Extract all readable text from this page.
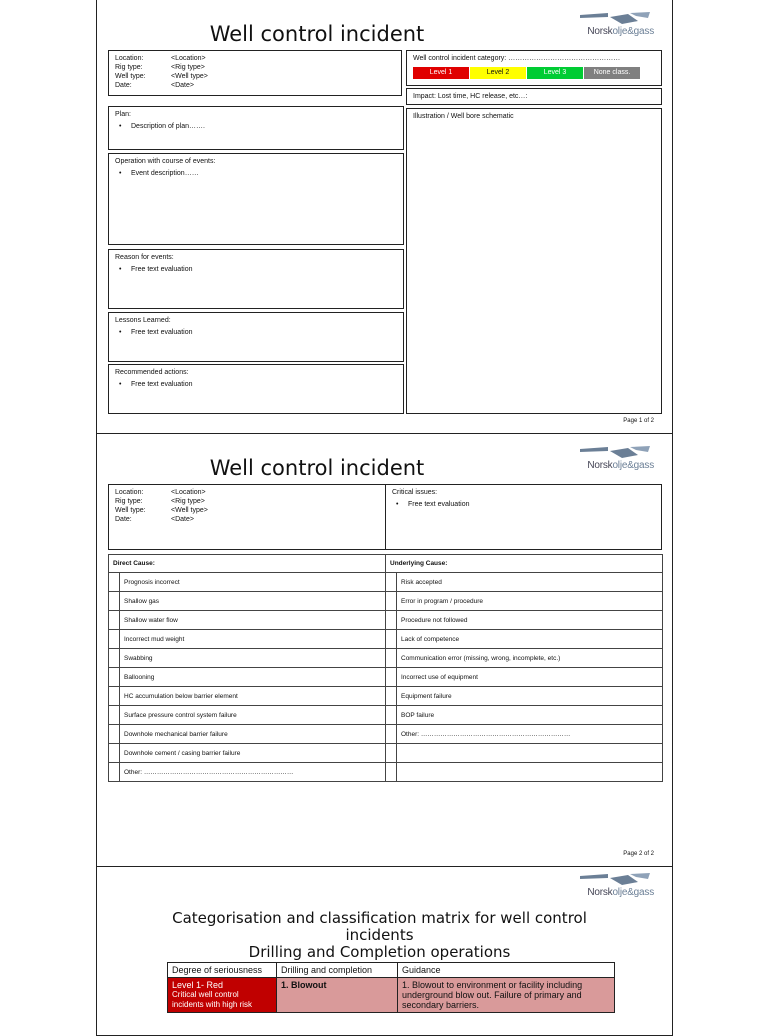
Well control incident	Norskolje&gass
Location:	<Location>
Rig type:	<Rig type>
Well type:	<Well type>
Date:	<Date>
Well control incident category: …………………………………………
Level 1	Level 2	Level 3	None class.
Impact: Lost time, HC release, etc…:
Illustration / Well bore schematic
Plan:
• Description of plan…….
Operation with course of events:
• Event description……
Reason for events:
• Free text evaluation
Lessons Learned:
• Free text evaluation
Recommended actions:
• Free text evaluation
Page 1 of 2
Well control incident	Norskolje&gass
Location:	<Location>
Rig type:	<Rig type>
Well type:	<Well type>
Date:	<Date>
Critical issues:
• Free text evaluation
Direct Cause:		Underlying Cause:	
	Prognosis incorrect		Risk accepted
	Shallow gas		Error in program / procedure
	Shallow water flow		Procedure not followed
	Incorrect mud weight		Lack of competence
	Swabbing		Communication error (missing, wrong, incomplete, etc.)
	Ballooning		Incorrect use of equipment
	HC accumulation below barrier element		Equipment failure
	Surface pressure control system failure		BOP failure
	Downhole mechanical barrier failure		Other: ……………………………………………………………
	Downhole cement / casing barrier failure		
	Other: ……………………………………………………………		
Page 2 of 2
Norskolje&gass
Categorisation and classification matrix for well control
incidents
Drilling and Completion operations
Degree of seriousness	Drilling and completion	Guidance

Level 1- Red
Critical well control incidents with high risk	1. Blowout	1. Blowout to environment or facility including underground blow out. Failure of primary and secondary barriers.
